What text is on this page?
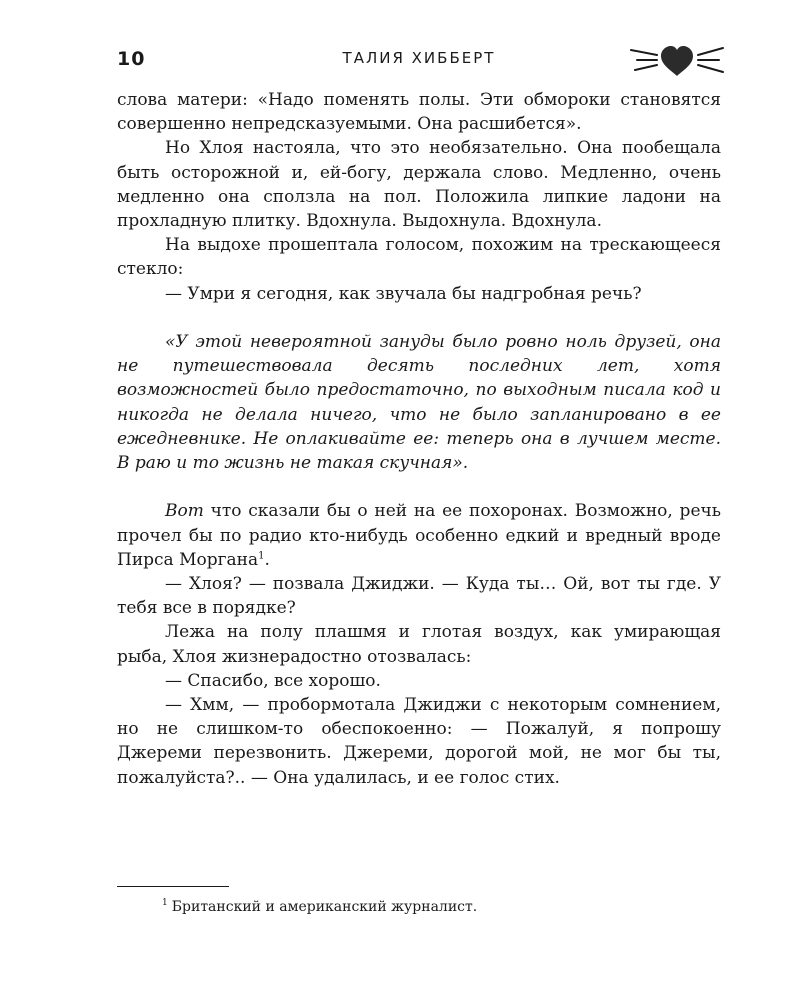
10	ТАЛИЯ ХИББЕРТ

слова матери: «Надо поменять полы. Эти обмороки становятся совершенно непредсказуемыми. Она расшибется».

Но Хлоя настояла, что это необязательно. Она пообещала быть осторожной и, ей-богу, держала слово. Медленно, очень медленно она сползла на пол. Положила липкие ладони на прохладную плитку. Вдохнула. Выдохнула. Вдохнула.

На выдохе прошептала голосом, похожим на трескающееся стекло:

— Умри я сегодня, как звучала бы надгробная речь?

«У этой невероятной зануды было ровно ноль друзей, она не путешествовала десять последних лет, хотя возможностей было предостаточно, по выходным писала код и никогда не делала ничего, что не было запланировано в ее ежедневнике. Не оплакивайте ее: теперь она в лучшем месте. В раю и то жизнь не такая скучная».

Вот что сказали бы о ней на ее похоронах. Возможно, речь прочел бы по радио кто-нибудь особенно едкий и вредный вроде Пирса Моргана$^1$.

— Хлоя? — позвала Джиджи. — Куда ты… Ой, вот ты где. У тебя все в порядке?

Лежа на полу плашмя и глотая воздух, как умирающая рыба, Хлоя жизнерадостно отозвалась:

— Спасибо, все хорошо.

— Хмм, — пробормотала Джиджи с некоторым сомнением, но не слишком-то обеспокоенно: — Пожалуй, я попрошу Джереми перезвонить. Джереми, дорогой мой, не мог бы ты, пожалуйста?.. — Она удалилась, и ее голос стих.

$^1$ Британский и американский журналист.
